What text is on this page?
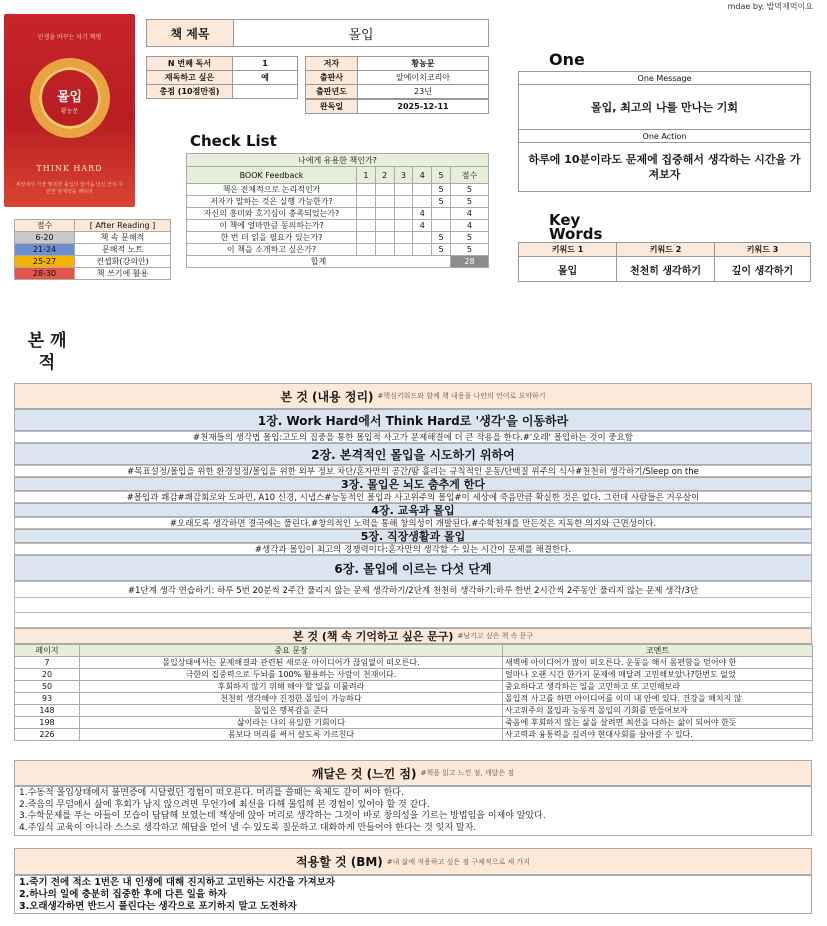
mdae by. 밥먹제먹이요
인생을 바꾸는 자기 혁명
몰입
황농문
THINK HARD
세상에서 가장 행복한 몰입의 즐거움 당신 안의 무한한 잠재력을 깨워라
책 제목	몰입
N 번째 독서	1
재독하고 싶은	예
총점 (10점만점)
저자	황농문
출판사	알에이치코리아
출판년도	23년
완독일	2025-12-11
One
One Message
몰입, 최고의 나를 만나는 기회
One Action
하루에 10분이라도 문제에 집중해서 생각하는 시간을 가져보자
Key Words
키워드 1	키워드 2	키워드 3
몰입	천천히 생각하기	깊이 생각하기
Check List
나에게 유용한 책인가?						
BOOK Feedback	1	2	3	4	5	점수
책은 전체적으로 논리적인가					5	5
저자가 말하는 것은 실행 가능한가?					5	5
자신의 흥미와 호기심이 충족되었는가?				4		4
이 책에 얼마만큼 동의하는가?				4		4
한 번 더 읽을 필요가 있는가?					5	5
이 책을 소개하고 싶은가?					5	5
합계						28
점수	[ After Reading ]
6-20	책 속 문해적
21-24	문해적 노트
25-27	컨셉화(강의안)
28-30	책 쓰기에 활용
본 깨 적
본 것 (내용 정리) #핵심키워드와 함께 책 내용을 나만의 언어로 요약하기
1장. Work Hard에서 Think Hard로 '생각'을 이동하라
#천재들의 생각법 몰입:고도의 집중을 통한 몰입적 사고가 문제해결에 더 큰 작용을 한다.#'오래' 몰입하는 것이 중요함
2장. 본격적인 몰입을 시도하기 위하여
#목표설정/몰입을 위한 환경설정/몰입을 위한 외부 정보 차단/혼자만의 공간/땀 흘리는 규칙적인 운동/단백질 위주의 식사#천천히 생각하기/Sleep on the
3장. 몰입은 뇌도 춤추게 한다
#몰입과 쾌감#쾌감회로와 도파민, A10 신경, 시냅스#능동적인 몰입과 사고위주의 몰입#이 세상에 죽음만큼 확실한 것은 없다. 그런데 사람들은 거우살이
4장. 교육과 몰입
#오래도록 생각하면 결국에는 풀린다.#창의적인 노력을 통해 창의성이 개발된다.#수학천재를 만든것은 지독한 의지와 근면성이다.
5장. 직장생활과 몰입
#생각과 몰입이 최고의 경쟁력이다:혼자만의 생각할 수 있는 시간이 문제를 해결한다.
6장. 몰입에 이르는 다섯 단계
#1단계 생각 연습하기: 하루 5번 20분씩 2주간 풀리지 않는 문제 생각하기/2단계 천천히 생각하기:하루 한번 2시간씩 2주동안 풀리지 않는 문제 생각/3단
본 것 (책 속 기억하고 싶은 문구) #남기고 싶은 책 속 문구
페이지	중요 문장	코멘트
7	몰입상태에서는 문제해결과 관련된 새로운 아이디어가 끊임없이 떠오른다.	새벽에 아이디어가 많이 떠오른다. 운동을 해서 몸편함을 얻어야 한
20	극한의 집중력으로 두뇌를 100% 활용하는 사람이 천재이다.	얼마나 오랜 시간 한가지 문제에 매달려 고민해보았나?한번도 없었
50	후회하지 않기 위해 해야 할 일을 미룰려라	중요하다고 생각하는 일을 고민하고 또 고민해보라
93	천천히 생각해야 진정한 몰입이 가능하다	몰입적 사고를 하면 아이디어를 이미 내 안에 있다. 건강을 해치지 않
148	몰입은 행복감을 준다	사고위주의 몰입과 능동적 몰입의 기회를 만들어보자
198	삶이라는 나의 유일한 기회이다	죽음에 후회하지 않는 삶을 살려면 최선을 다하는 삶이 되어야 한듯
226	몸보다 머리를 써서 살도록 가르친다	사고력과 융통력을 길러야 현대사회를 살아갈 수 있다.
깨달은 것 (느낀 점) #책을 읽고 느낀 점, 깨달은 점
1.수동적 몰입상태에서 불면증에 시달렸던 경험이 떠오른다. 머리를 쓸때는 육체도 같이 써야 한다.
2.죽음의 무덤에서 삶에 후회가 남지 않으려면 무언가에 최선을 다해 몰입해 본 경험이 있어야 할 것 같다.
3.수학문제를 푸는 아들이 모습이 답답해 보였는데 책상에 앉아 머리로 생각하는 그것이 바로 창의성을 기르는 방법임을 이제야 알았다.
4.주입식 교육이 아니라 스스로 생각하고 해답을 얻어 낼 수 있도록 질문하고 대화하게 만들어야 한다는 것 잊지 말자.
적용할 것 (BM) #내 삶에 적용하고 싶은 점 구체적으로 세 가지
1.죽기 전에 적소 1번은 내 인생에 대해 진지하고 고민하는 시간을 가져보자
2.하나의 일에 충분히 집중한 후에 다른 일을 하자
3.오래생각하면 반드시 풀린다는 생각으로 포기하지 말고 도전하자
